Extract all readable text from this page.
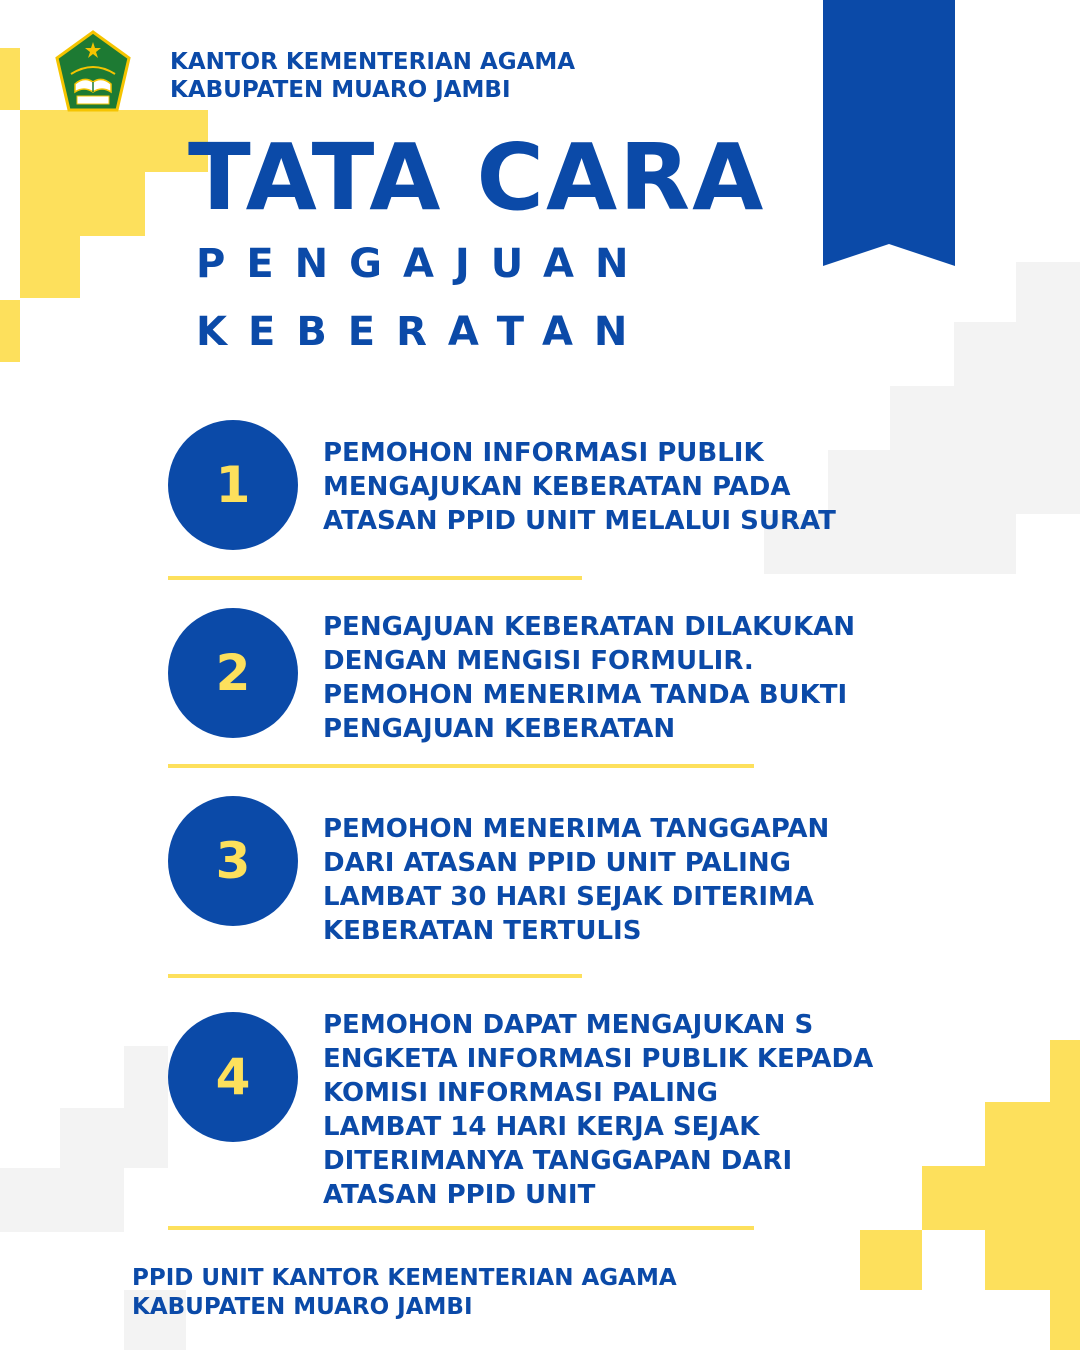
KANTOR KEMENTERIAN AGAMA
KABUPATEN MUARO JAMBI
TATA CARA
PENGAJUAN
KEBERATAN
1
PEMOHON INFORMASI PUBLIK
MENGAJUKAN KEBERATAN PADA
ATASAN PPID UNIT MELALUI SURAT
2
PENGAJUAN KEBERATAN DILAKUKAN
DENGAN MENGISI FORMULIR.
PEMOHON MENERIMA TANDA BUKTI
PENGAJUAN KEBERATAN
3
PEMOHON MENERIMA TANGGAPAN
DARI ATASAN PPID UNIT PALING
LAMBAT 30 HARI SEJAK DITERIMA
KEBERATAN TERTULIS
4
PEMOHON DAPAT MENGAJUKAN S
ENGKETA INFORMASI PUBLIK KEPADA
KOMISI INFORMASI PALING
LAMBAT 14 HARI KERJA SEJAK
DITERIMANYA TANGGAPAN DARI
ATASAN PPID UNIT
PPID UNIT KANTOR KEMENTERIAN AGAMA
KABUPATEN MUARO JAMBI
